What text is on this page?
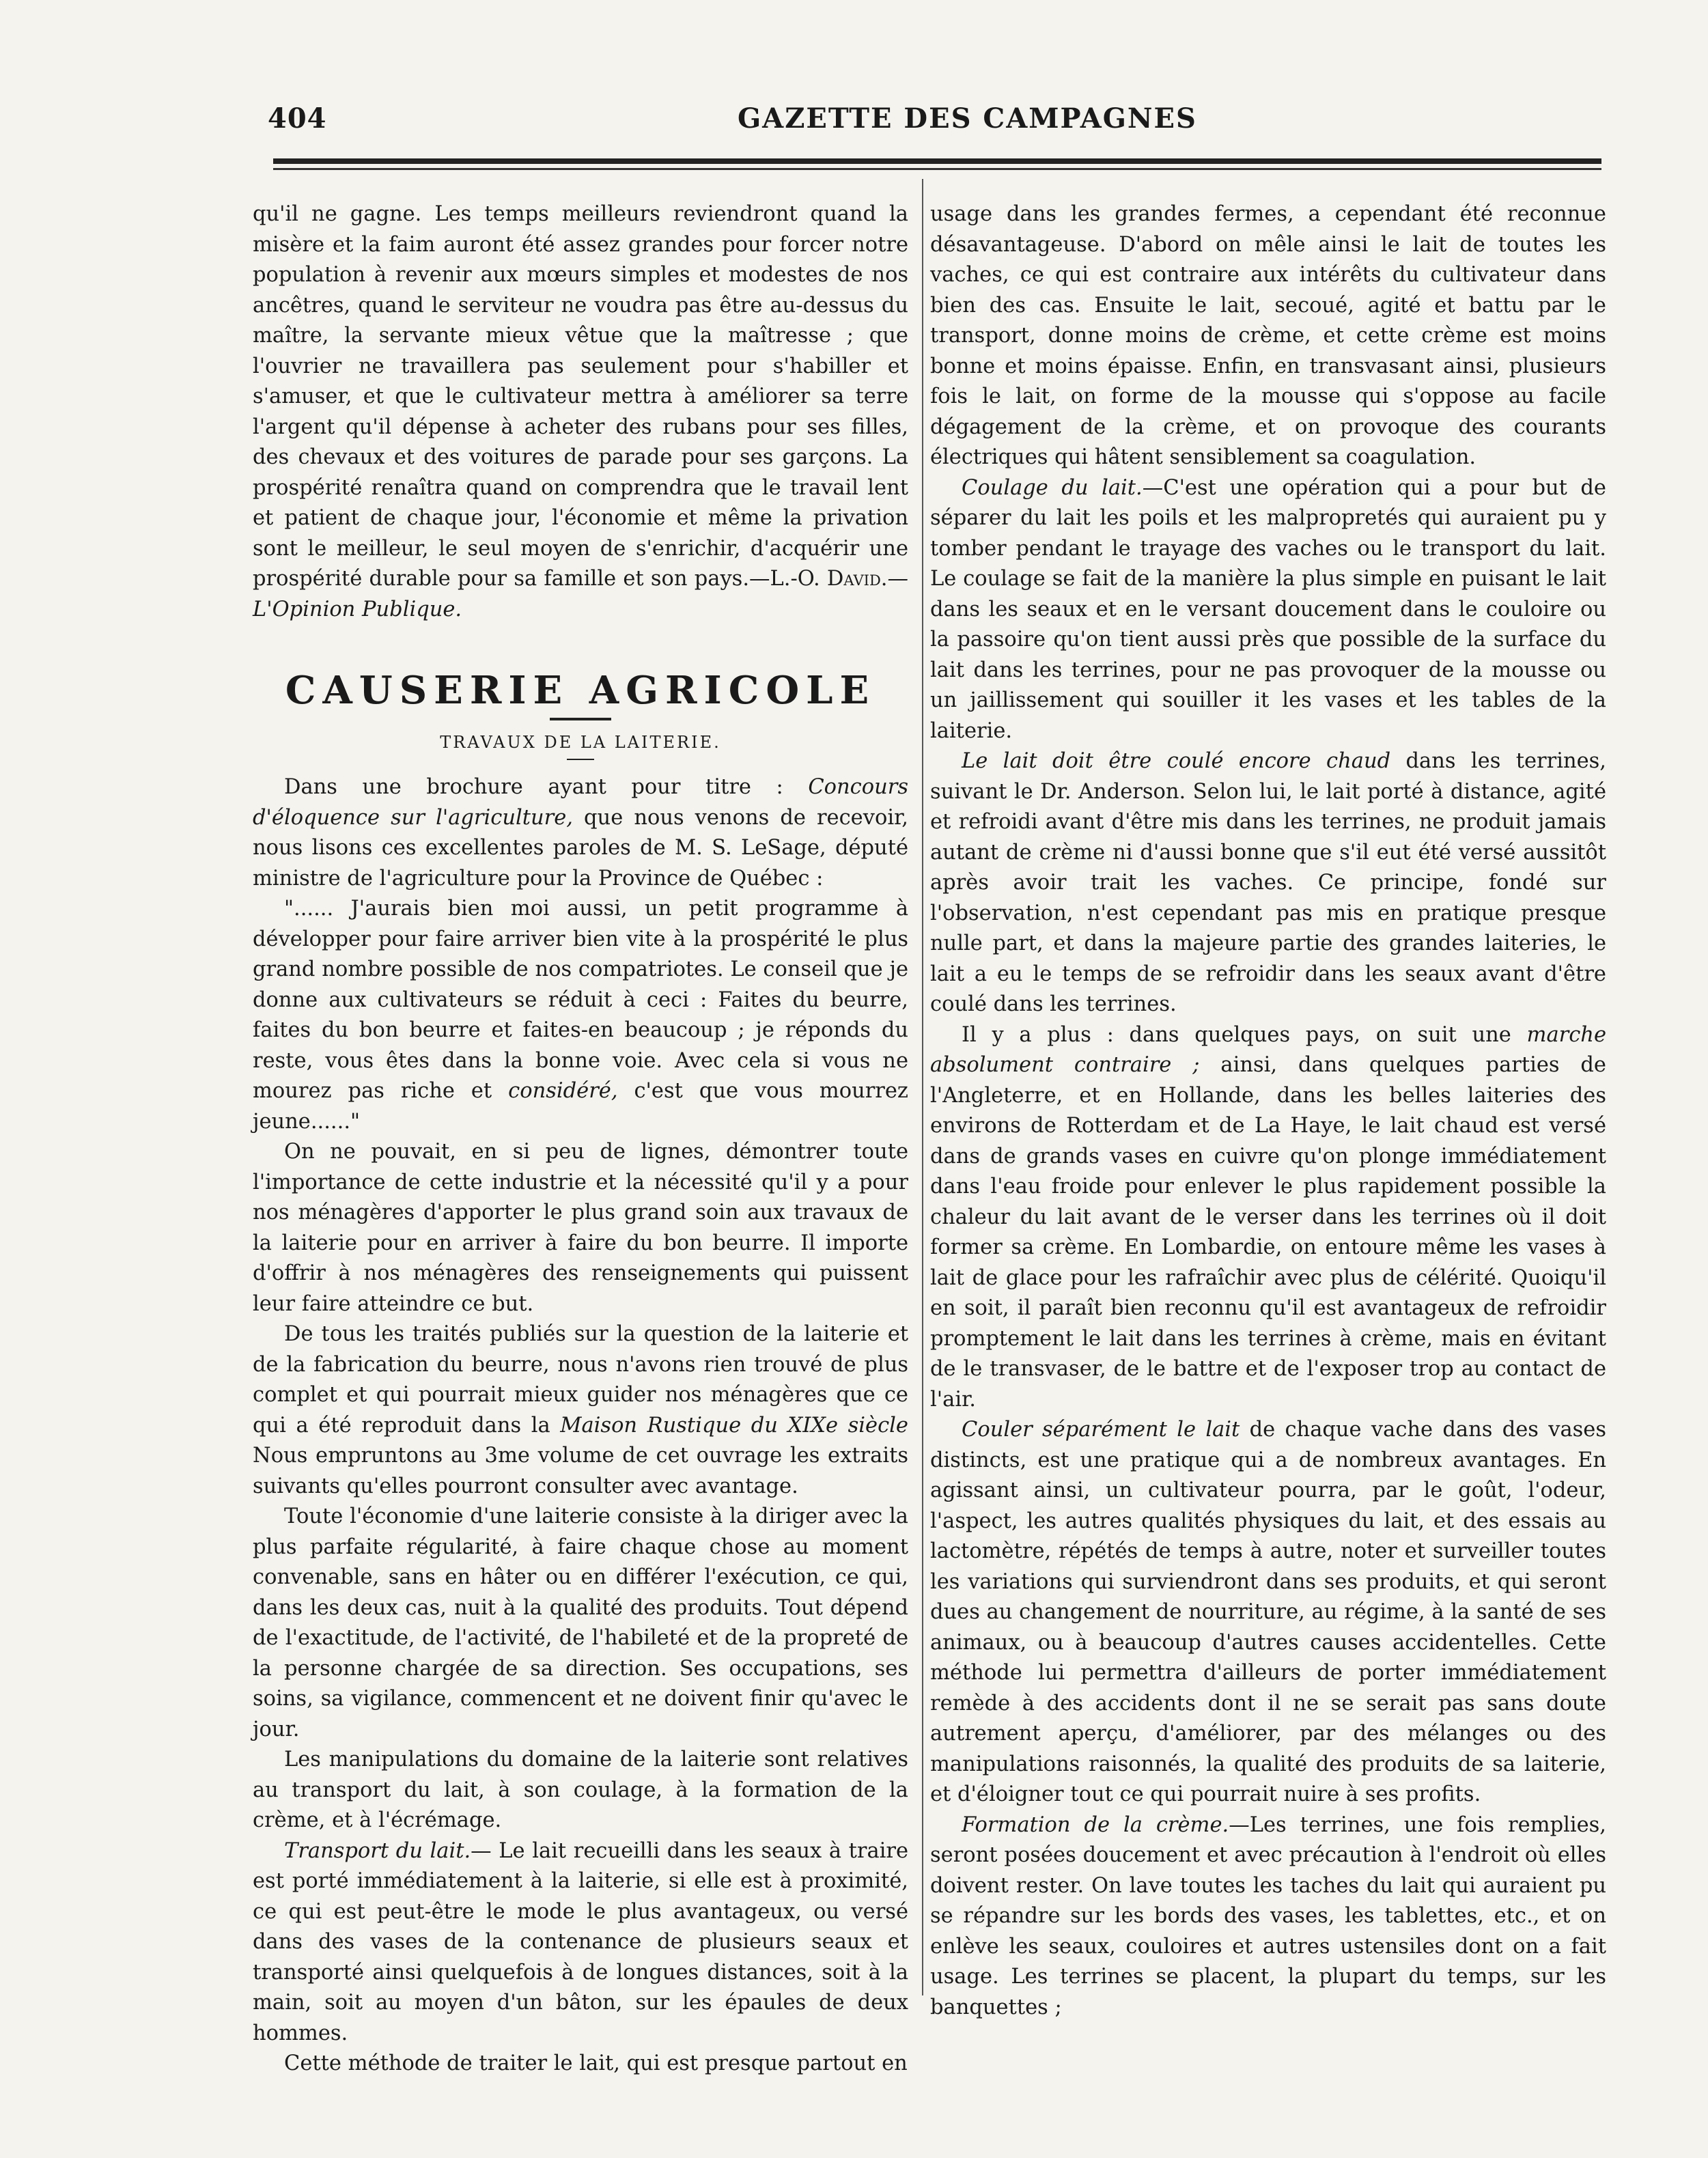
404	GAZETTE DES CAMPAGNES

qu'il ne gagne. Les temps meilleurs reviendront quand la misère et la faim auront été assez grandes pour forcer notre population à revenir aux mœurs simples et modestes de nos ancêtres, quand le serviteur ne voudra pas être au-dessus du maître, la servante mieux vêtue que la maîtresse ; que l'ouvrier ne travaillera pas seulement pour s'habiller et s'amuser, et que le cultivateur mettra à améliorer sa terre l'argent qu'il dépense à acheter des rubans pour ses filles, des chevaux et des voitures de parade pour ses garçons. La prospérité renaîtra quand on comprendra que le travail lent et patient de chaque jour, l'économie et même la privation sont le meilleur, le seul moyen de s'enrichir, d'acquérir une prospérité durable pour sa famille et son pays.—L.-O. David.—L'Opinion Publique.

CAUSERIE AGRICOLE
TRAVAUX DE LA LAITERIE.

Dans une brochure ayant pour titre : Concours d'éloquence sur l'agriculture, que nous venons de recevoir, nous lisons ces excellentes paroles de M. S. LeSage, député ministre de l'agriculture pour la Province de Québec :

"...... J'aurais bien moi aussi, un petit programme à développer pour faire arriver bien vite à la prospérité le plus grand nombre possible de nos compatriotes. Le conseil que je donne aux cultivateurs se réduit à ceci : Faites du beurre, faites du bon beurre et faites-en beaucoup ; je réponds du reste, vous êtes dans la bonne voie. Avec cela si vous ne mourez pas riche et considéré, c'est que vous mourrez jeune......"

On ne pouvait, en si peu de lignes, démontrer toute l'importance de cette industrie et la nécessité qu'il y a pour nos ménagères d'apporter le plus grand soin aux travaux de la laiterie pour en arriver à faire du bon beurre. Il importe d'offrir à nos ménagères des renseignements qui puissent leur faire atteindre ce but.

De tous les traités publiés sur la question de la laiterie et de la fabrication du beurre, nous n'avons rien trouvé de plus complet et qui pourrait mieux guider nos ménagères que ce qui a été reproduit dans la Maison Rustique du XIXe siècle Nous empruntons au 3me volume de cet ouvrage les extraits suivants qu'elles pourront consulter avec avantage.

Toute l'économie d'une laiterie consiste à la diriger avec la plus parfaite régularité, à faire chaque chose au moment convenable, sans en hâter ou en différer l'exécution, ce qui, dans les deux cas, nuit à la qualité des produits. Tout dépend de l'exactitude, de l'activité, de l'habileté et de la propreté de la personne chargée de sa direction. Ses occupations, ses soins, sa vigilance, commencent et ne doivent finir qu'avec le jour.

Les manipulations du domaine de la laiterie sont relatives au transport du lait, à son coulage, à la formation de la crème, et à l'écrémage.

Transport du lait.— Le lait recueilli dans les seaux à traire est porté immédiatement à la laiterie, si elle est à proximité, ce qui est peut-être le mode le plus avantageux, ou versé dans des vases de la contenance de plusieurs seaux et transporté ainsi quelquefois à de longues distances, soit à la main, soit au moyen d'un bâton, sur les épaules de deux hommes.

Cette méthode de traiter le lait, qui est presque partout en

usage dans les grandes fermes, a cependant été reconnue désavantageuse. D'abord on mêle ainsi le lait de toutes les vaches, ce qui est contraire aux intérêts du cultivateur dans bien des cas. Ensuite le lait, secoué, agité et battu par le transport, donne moins de crème, et cette crème est moins bonne et moins épaisse. Enfin, en transvasant ainsi, plusieurs fois le lait, on forme de la mousse qui s'oppose au facile dégagement de la crème, et on provoque des courants électriques qui hâtent sensiblement sa coagulation.

Coulage du lait.—C'est une opération qui a pour but de séparer du lait les poils et les malpropretés qui auraient pu y tomber pendant le trayage des vaches ou le transport du lait. Le coulage se fait de la manière la plus simple en puisant le lait dans les seaux et en le versant doucement dans le couloire ou la passoire qu'on tient aussi près que possible de la surface du lait dans les terrines, pour ne pas provoquer de la mousse ou un jaillissement qui souiller it les vases et les tables de la laiterie.

Le lait doit être coulé encore chaud dans les terrines, suivant le Dr. Anderson. Selon lui, le lait porté à distance, agité et refroidi avant d'être mis dans les terrines, ne produit jamais autant de crème ni d'aussi bonne que s'il eut été versé aussitôt après avoir trait les vaches. Ce principe, fondé sur l'observation, n'est cependant pas mis en pratique presque nulle part, et dans la majeure partie des grandes laiteries, le lait a eu le temps de se refroidir dans les seaux avant d'être coulé dans les terrines.

Il y a plus : dans quelques pays, on suit une marche absolument contraire ; ainsi, dans quelques parties de l'Angleterre, et en Hollande, dans les belles laiteries des environs de Rotterdam et de La Haye, le lait chaud est versé dans de grands vases en cuivre qu'on plonge immédiatement dans l'eau froide pour enlever le plus rapidement possible la chaleur du lait avant de le verser dans les terrines où il doit former sa crème. En Lombardie, on entoure même les vases à lait de glace pour les rafraîchir avec plus de célérité. Quoiqu'il en soit, il paraît bien reconnu qu'il est avantageux de refroidir promptement le lait dans les terrines à crème, mais en évitant de le transvaser, de le battre et de l'exposer trop au contact de l'air.

Couler séparément le lait de chaque vache dans des vases distincts, est une pratique qui a de nombreux avantages. En agissant ainsi, un cultivateur pourra, par le goût, l'odeur, l'aspect, les autres qualités physiques du lait, et des essais au lactomètre, répétés de temps à autre, noter et surveiller toutes les variations qui surviendront dans ses produits, et qui seront dues au changement de nourriture, au régime, à la santé de ses animaux, ou à beaucoup d'autres causes accidentelles. Cette méthode lui permettra d'ailleurs de porter immédiatement remède à des accidents dont il ne se serait pas sans doute autrement aperçu, d'améliorer, par des mélanges ou des manipulations raisonnés, la qualité des produits de sa laiterie, et d'éloigner tout ce qui pourrait nuire à ses profits.

Formation de la crème.—Les terrines, une fois remplies, seront posées doucement et avec précaution à l'endroit où elles doivent rester. On lave toutes les taches du lait qui auraient pu se répandre sur les bords des vases, les tablettes, etc., et on enlève les seaux, couloires et autres ustensiles dont on a fait usage. Les terrines se placent, la plupart du temps, sur les banquettes ;
